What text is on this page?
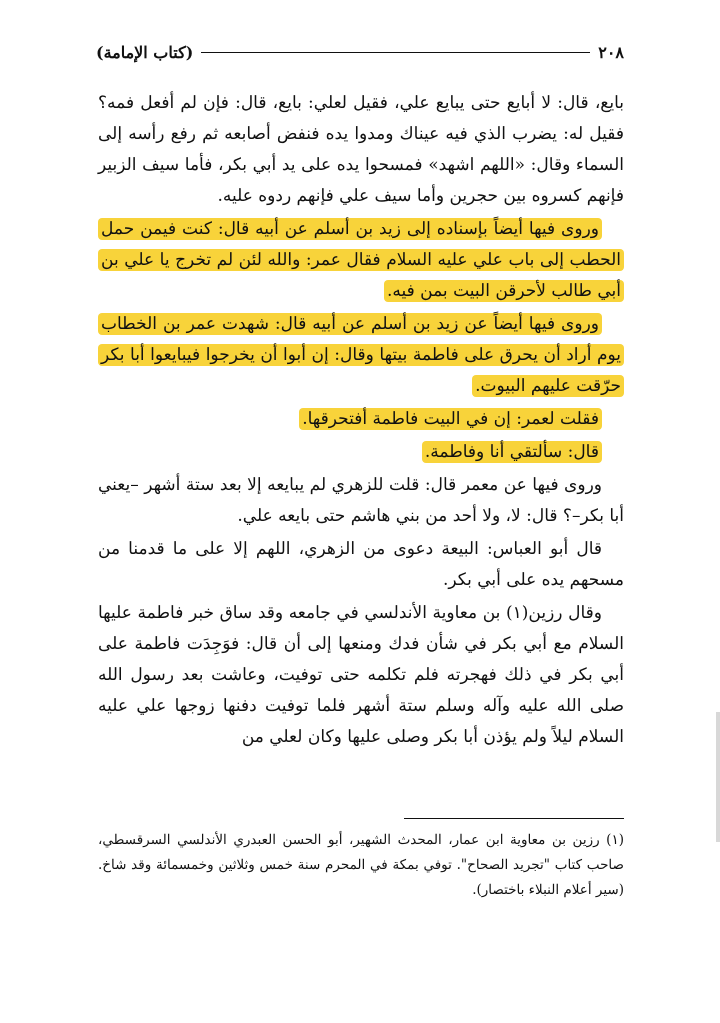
٢٠٨
(كتاب الإمامة)

بايع، قال: لا أبايع حتى يبايع علي، فقيل لعلي: بايع، قال: فإن لم أفعل فمه؟ فقيل له: يضرب الذي فيه عيناك ومدوا يده فنفض أصابعه ثم رفع رأسه إلى السماء وقال: «اللهم اشهد» فمسحوا يده على يد أبي بكر، فأما سيف الزبير فإنهم كسروه بين حجرين وأما سيف علي فإنهم ردوه عليه.

وروى فيها أيضاً بإسناده إلى زيد بن أسلم عن أبيه قال: كنت فيمن حمل الحطب إلى باب علي عليه السلام فقال عمر: والله لئن لم تخرج يا علي بن أبي طالب لأحرقن البيت بمن فيه.

وروى فيها أيضاً عن زيد بن أسلم عن أبيه قال: شهدت عمر بن الخطاب يوم أراد أن يحرق على فاطمة بيتها وقال: إن أبوا أن يخرجوا فيبايعوا أبا بكر حرّقت عليهم البيوت.

فقلت لعمر: إن في البيت فاطمة أفتحرقها.

قال: سألتقي أنا وفاطمة.

وروى فيها عن معمر قال: قلت للزهري لم يبايعه إلا بعد ستة أشهر –يعني أبا بكر–؟ قال: لا، ولا أحد من بني هاشم حتى بايعه علي.

قال أبو العباس: البيعة دعوى من الزهري، اللهم إلا على ما قدمنا من مسحهم يده على أبي بكر.

وقال رزين(١) بن معاوية الأندلسي في جامعه وقد ساق خبر فاطمة عليها السلام مع أبي بكر في شأن فدك ومنعها إلى أن قال: فوَجِدَت فاطمة على أبي بكر في ذلك فهجرته فلم تكلمه حتى توفيت، وعاشت بعد رسول الله صلى الله عليه وآله وسلم ستة أشهر فلما توفيت دفنها زوجها علي عليه السلام ليلاً ولم يؤذن أبا بكر وصلى عليها وكان لعلي من

(١) رزين بن معاوية ابن عمار، المحدث الشهير، أبو الحسن العبدري الأندلسي السرقسطي، صاحب كتاب "تجريد الصحاح". توفي بمكة في المحرم سنة خمس وثلاثين وخمسمائة وقد شاخ. (سير أعلام النبلاء باختصار).
